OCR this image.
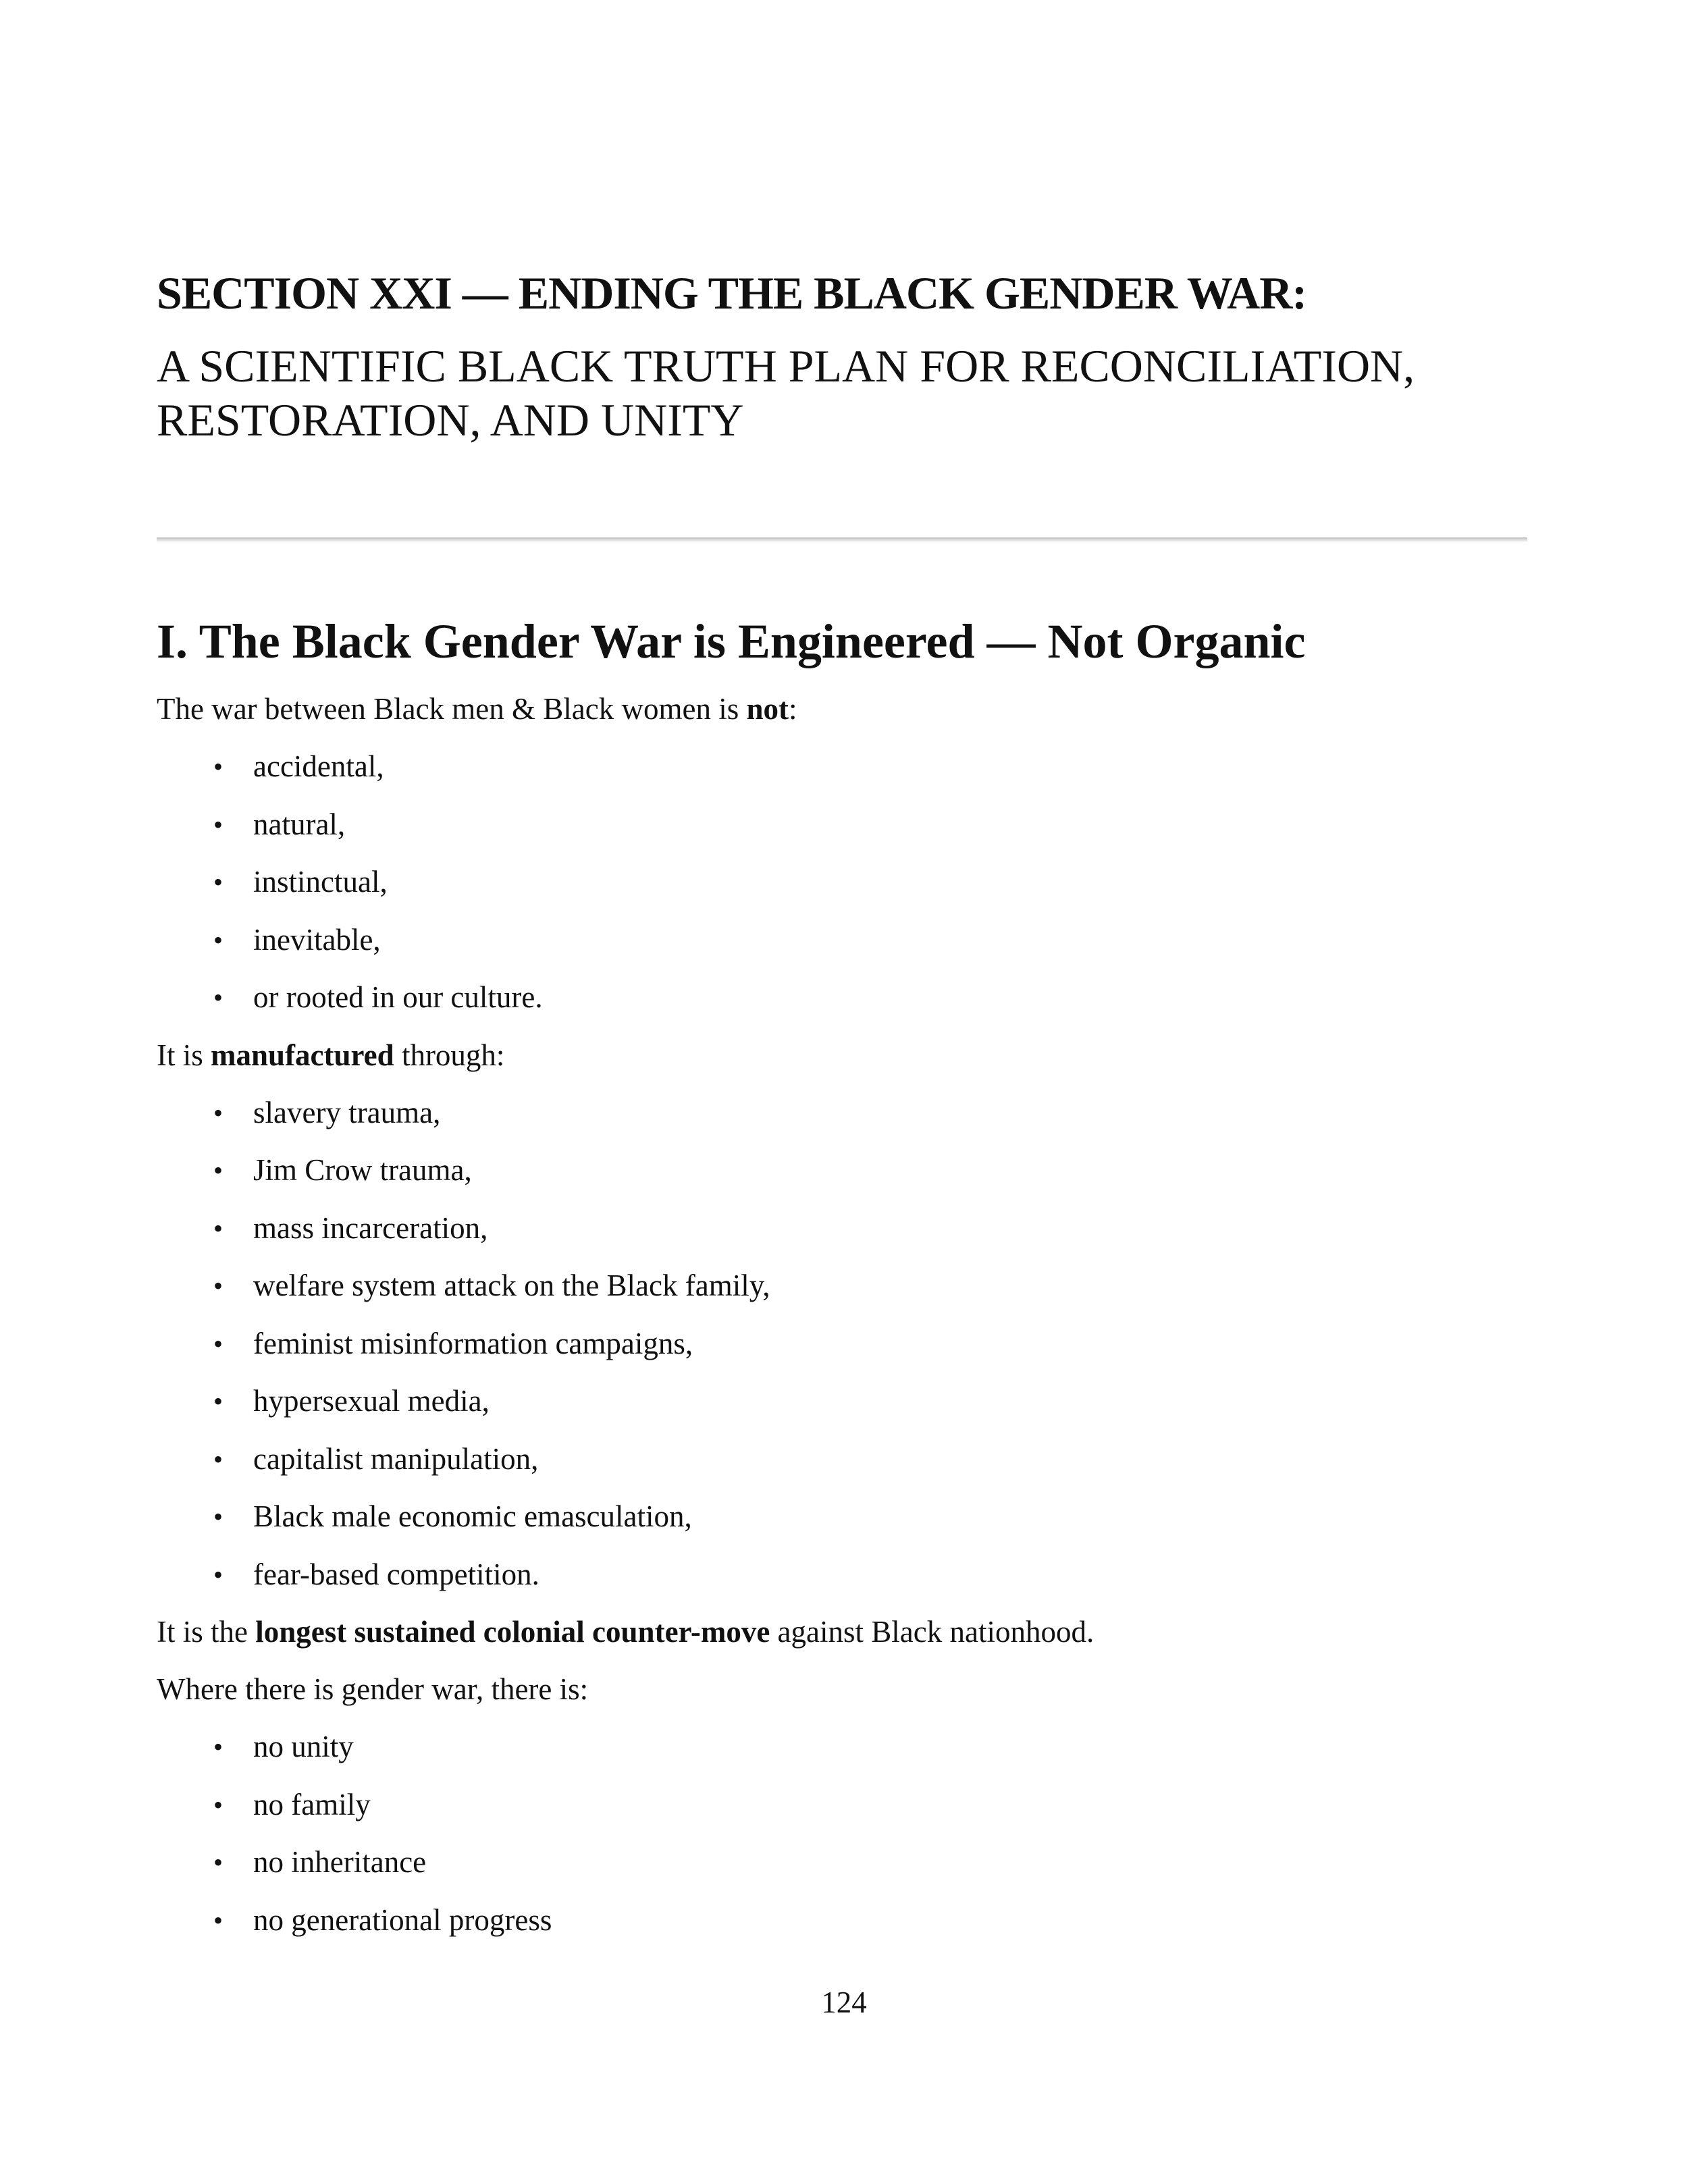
SECTION XXI — ENDING THE BLACK GENDER WAR:
A SCIENTIFIC BLACK TRUTH PLAN FOR RECONCILIATION, RESTORATION, AND UNITY
I. The Black Gender War is Engineered — Not Organic

The war between Black men & Black women is not:

• accidental,
• natural,
• instinctual,
• inevitable,
• or rooted in our culture.

It is manufactured through:

• slavery trauma,
• Jim Crow trauma,
• mass incarceration,
• welfare system attack on the Black family,
• feminist misinformation campaigns,
• hypersexual media,
• capitalist manipulation,
• Black male economic emasculation,
• fear-based competition.

It is the longest sustained colonial counter-move against Black nationhood.

Where there is gender war, there is:

• no unity
• no family
• no inheritance
• no generational progress
124
